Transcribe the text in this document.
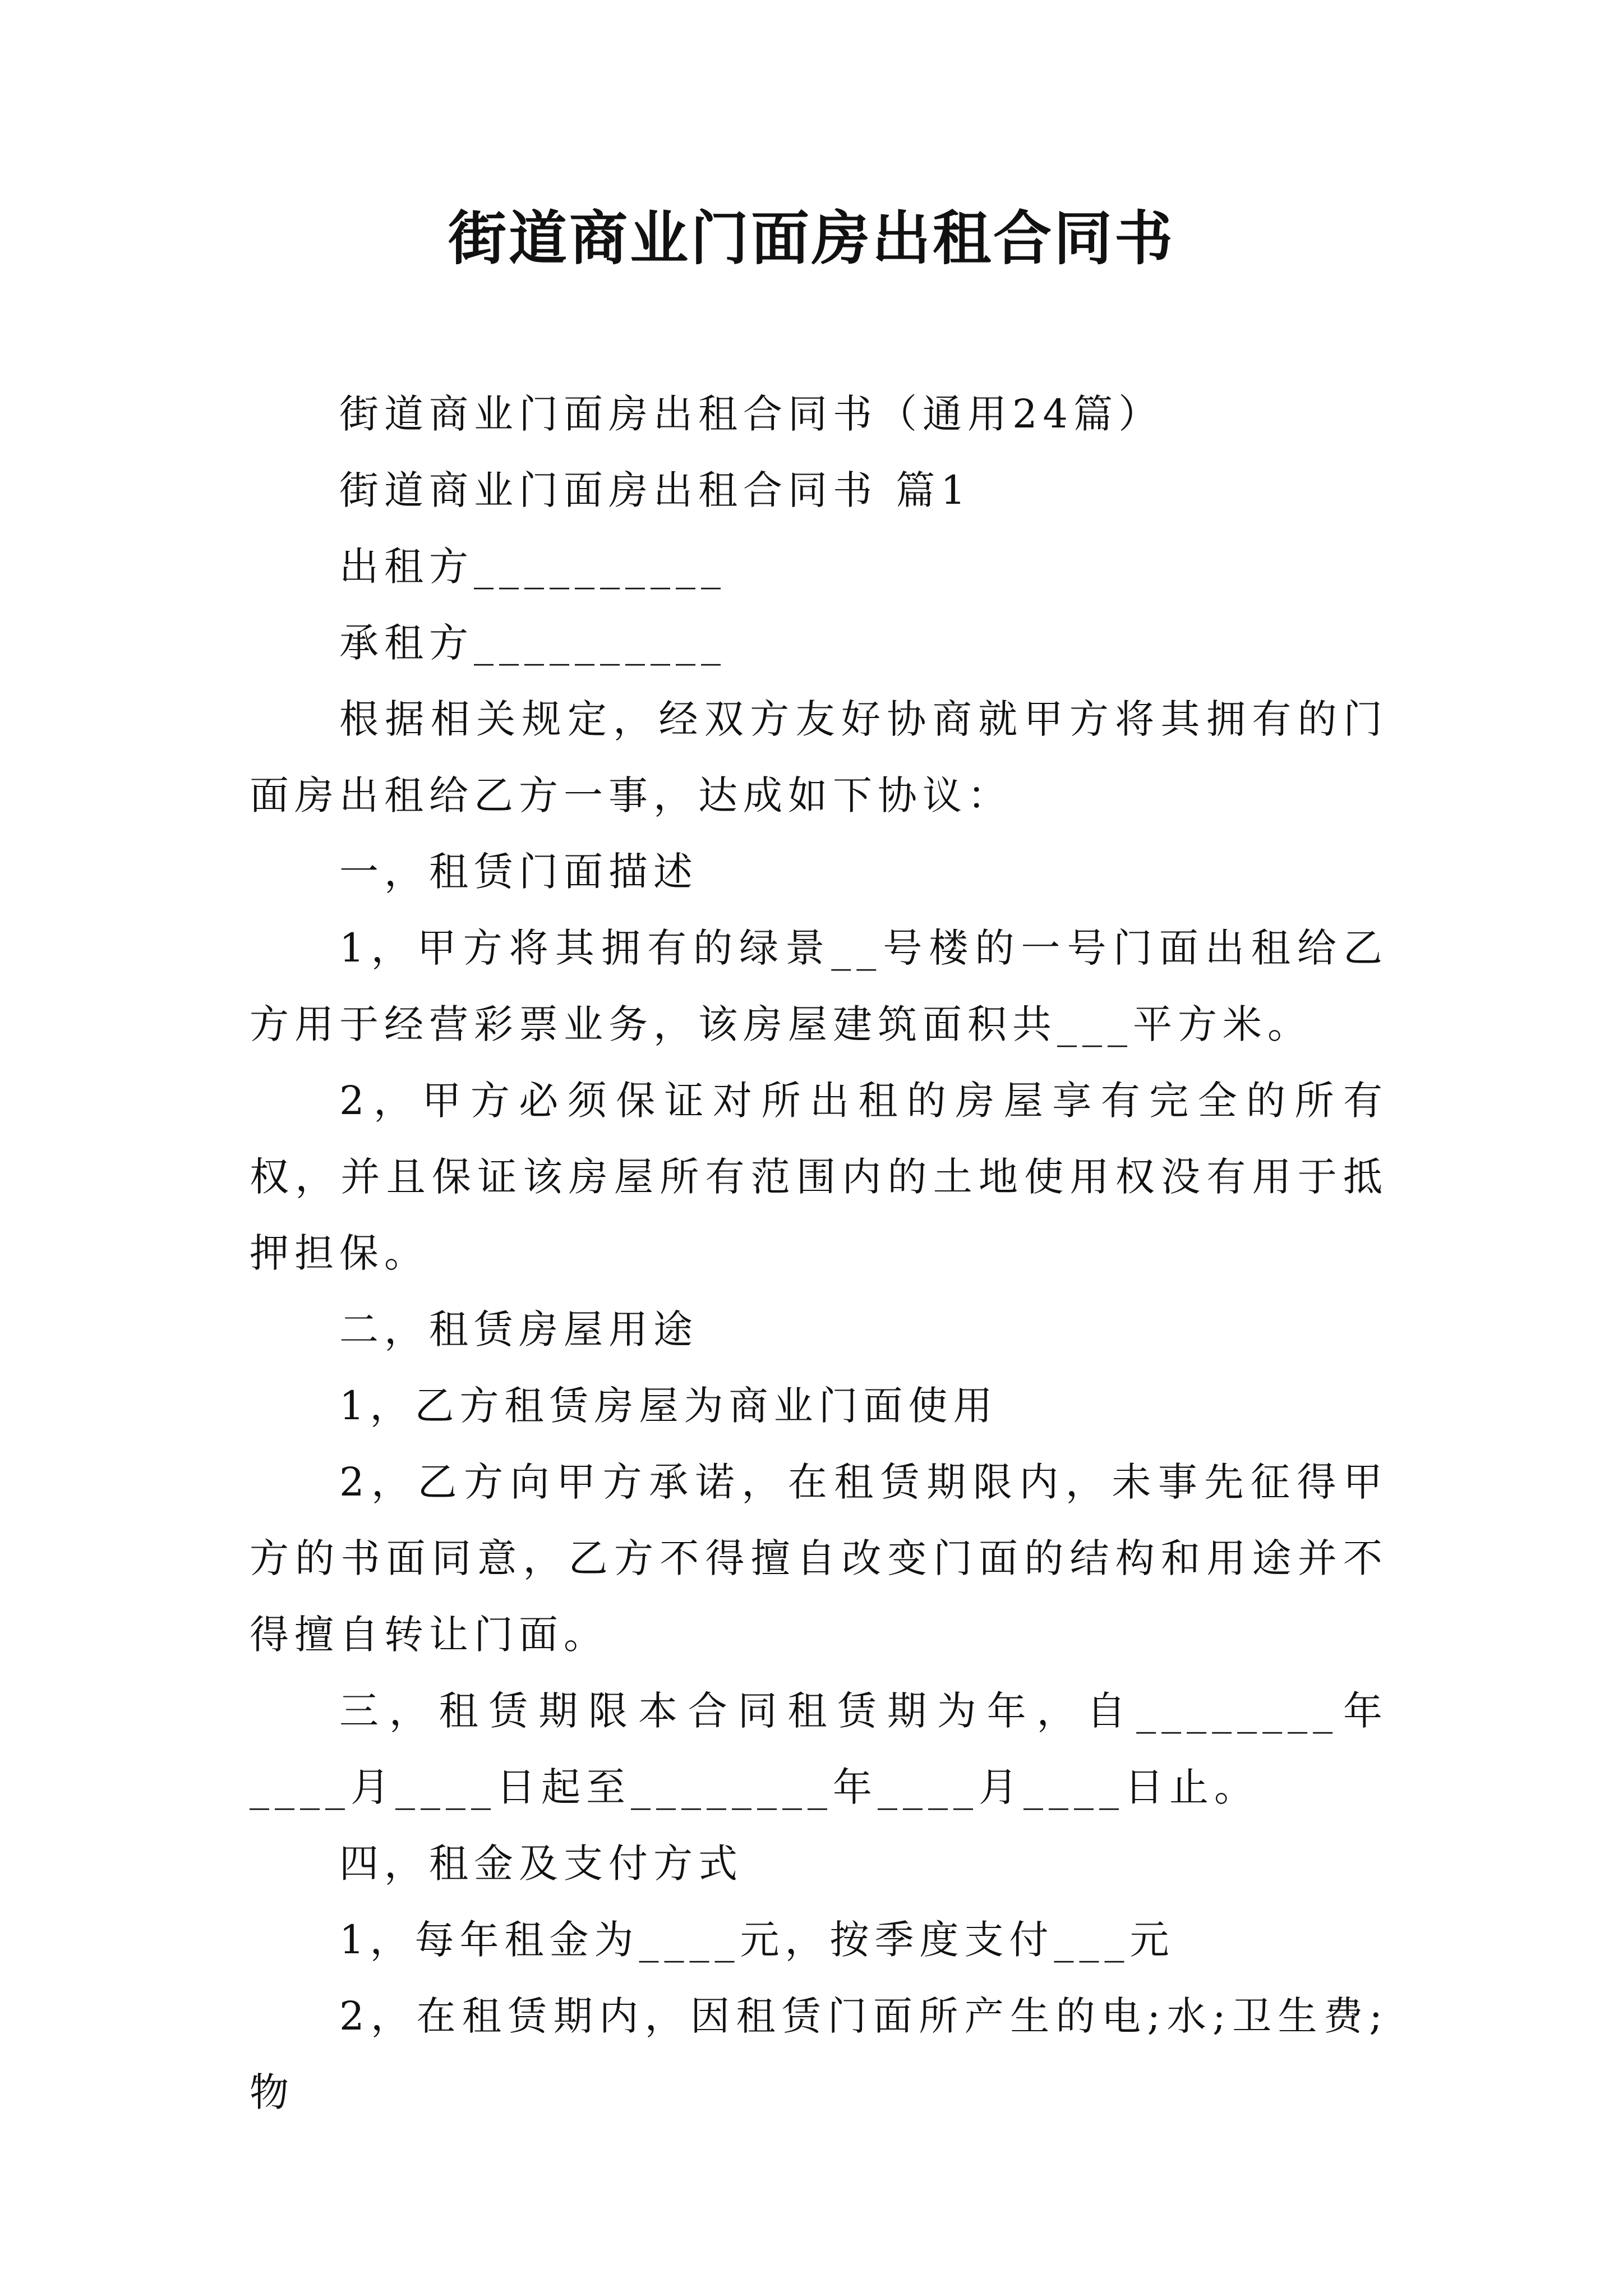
街道商业门面房出租合同书

街道商业门面房出租合同书（通用24篇）

街道商业门面房出租合同书 篇1

出租方__________

承租方__________

根据相关规定，经双方友好协商就甲方将其拥有的门面房出租给乙方一事，达成如下协议：

一，租赁门面描述

1，甲方将其拥有的绿景__号楼的一号门面出租给乙方用于经营彩票业务，该房屋建筑面积共___平方米。

2，甲方必须保证对所出租的房屋享有完全的所有权，并且保证该房屋所有范围内的土地使用权没有用于抵押担保。

二，租赁房屋用途

1，乙方租赁房屋为商业门面使用

2，乙方向甲方承诺，在租赁期限内，未事先征得甲方的书面同意，乙方不得擅自改变门面的结构和用途并不得擅自转让门面。

三，租赁期限本合同租赁期为年，自________年____月____日起至________年____月____日止。

四，租金及支付方式

1，每年租金为____元，按季度支付___元

2，在租赁期内，因租赁门面所产生的电;水;卫生费;物
